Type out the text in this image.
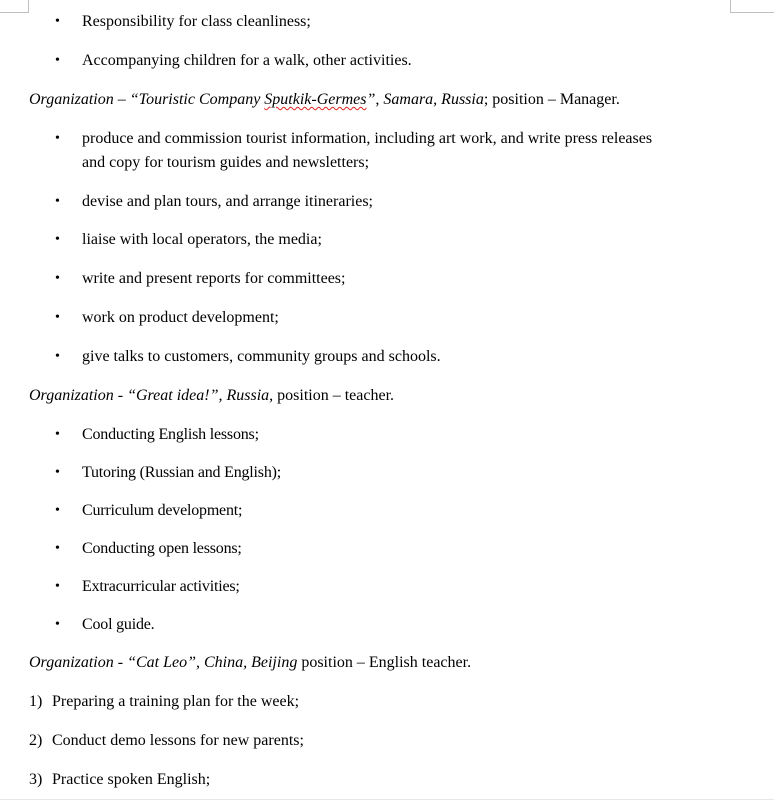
• Responsibility for class cleanliness;
• Accompanying children for a walk, other activities.
Organization – “Touristic Company Sputkik-Germes”, Samara, Russia; position – Manager.
• produce and commission tourist information, including art work, and write press releases
and copy for tourism guides and newsletters;
• devise and plan tours, and arrange itineraries;
• liaise with local operators, the media;
• write and present reports for committees;
• work on product development;
• give talks to customers, community groups and schools.
Organization - “Great idea!”, Russia, position – teacher.
• Conducting English lessons;
• Tutoring (Russian and English);
• Curriculum development;
• Conducting open lessons;
• Extracurricular activities;
• Cool guide.
Organization - “Cat Leo”, China, Beijing position – English teacher.
1) Preparing a training plan for the week;
2) Conduct demo lessons for new parents;
3) Practice spoken English;
